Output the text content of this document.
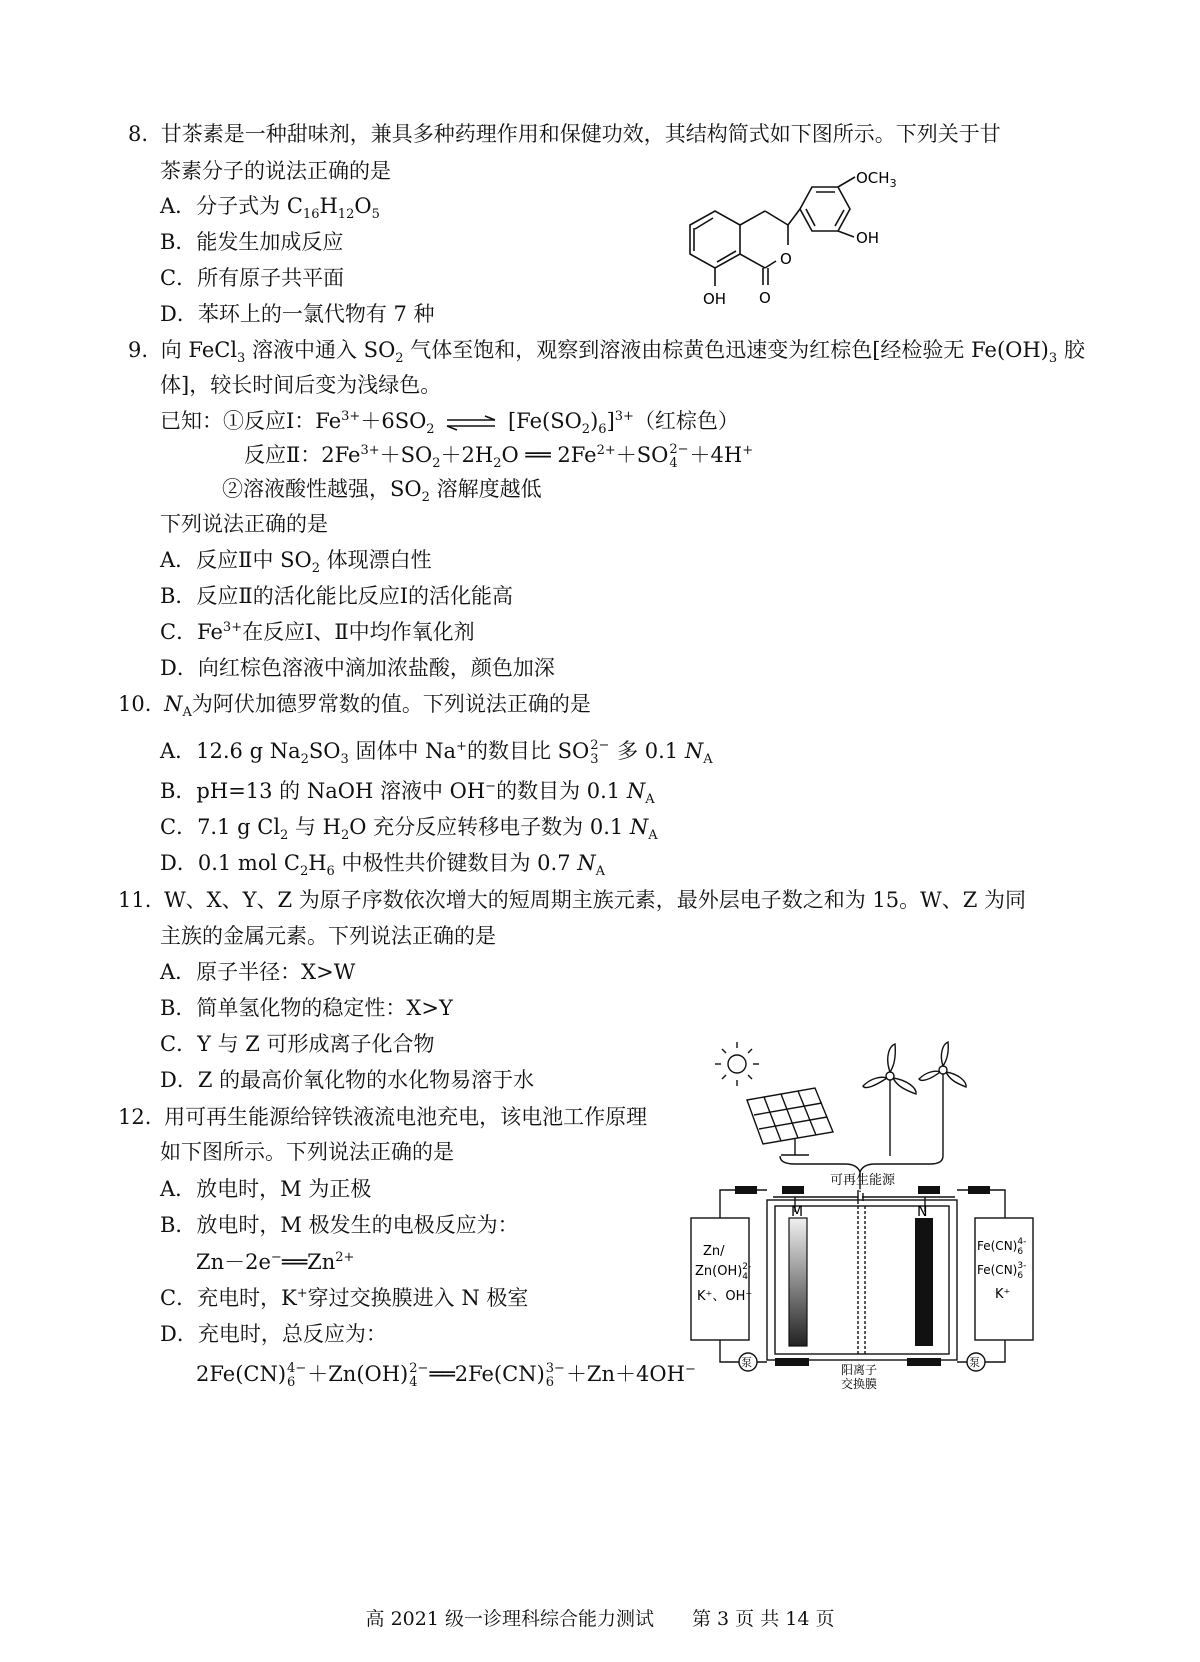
8. 甘茶素是一种甜味剂，兼具多种药理作用和保健功效，其结构简式如下图所示。下列关于甘
茶素分子的说法正确的是
A．分子式为 $C_{16}H_{12}O_5$
B．能发生加成反应
C．所有原子共平面
D．苯环上的一氯代物有 7 种
O
O
OH
OH
$OCH_3$
9. 向 FeCl$_3$ 溶液中通入 $SO_2$ 气体至饱和，观察到溶液由棕黄色迅速变为红棕色[经检验无 $Fe(OH)_3$ 胶
体]，较长时间后变为浅绿色。
已知：①反应Ⅰ：$Fe^{3+}+6SO_2$ ⇌ $[Fe(SO_2)_6]^{3+}$（红棕色）
反应Ⅱ：$2Fe^{3+}+SO_2+2H_2O$ ══ $2Fe^{2+}+SO$ 2−
4 ＋4H+
②溶液酸性越强，$SO_2$ 溶解度越低
下列说法正确的是
A．反应Ⅱ中 $SO_2$ 体现漂白性
B．反应Ⅱ的活化能比反应Ⅰ的活化能高
C．$Fe^{3+}$在反应Ⅰ、Ⅱ中均作氧化剂
D．向红棕色溶液中滴加浓盐酸，颜色加深
10. $N_A$为阿伏加德罗常数的值。下列说法正确的是
A．12.6 g $Na_2SO_3$ 固体中 Na+的数目比 SO 2−
3 多 0.1 $N_A$
B．pH=13 的 NaOH 溶液中 OH−的数目为 0.1 $N_A$
C．7.1 g $Cl_2$ 与 $H_2O$ 充分反应转移电子数为 0.1 $N_A$
D．0.1 mol $C_2H_6$ 中极性共价键数目为 0.7 $N_A$
11. W、X、Y、Z 为原子序数依次增大的短周期主族元素，最外层电子数之和为 15。W、Z 为同
主族的金属元素。下列说法正确的是
A．原子半径：X>W
B．简单氢化物的稳定性：X>Y
C．Y 与 Z 可形成离子化合物
D．Z 的最高价氧化物的水化物易溶于水
12. 用可再生能源给锌铁液流电池充电，该电池工作原理
如下图所示。下列说法正确的是
A．放电时，M 为正极
B．放电时，M 极发生的电极反应为：
$Zn-2e^-══Zn^{2+}$
C．充电时，K+穿过交换膜进入 N 极室
D．充电时，总反应为：
2Fe(CN) 4−
6 ＋Zn(OH) 2−
4 ══2Fe(CN) 3−
6 ＋Zn＋4OH−
M	N
可再生能源
Zn/
Zn(OH)$^{2-}$4
K⁺、OH⁻
Fe(CN)$^{4-}$6
Fe(CN)$^{3-}$6
K⁺
泵	泵
阳离子
交换膜
高 2021 级一诊理科综合能力测试　　第 3 页 共 14 页
